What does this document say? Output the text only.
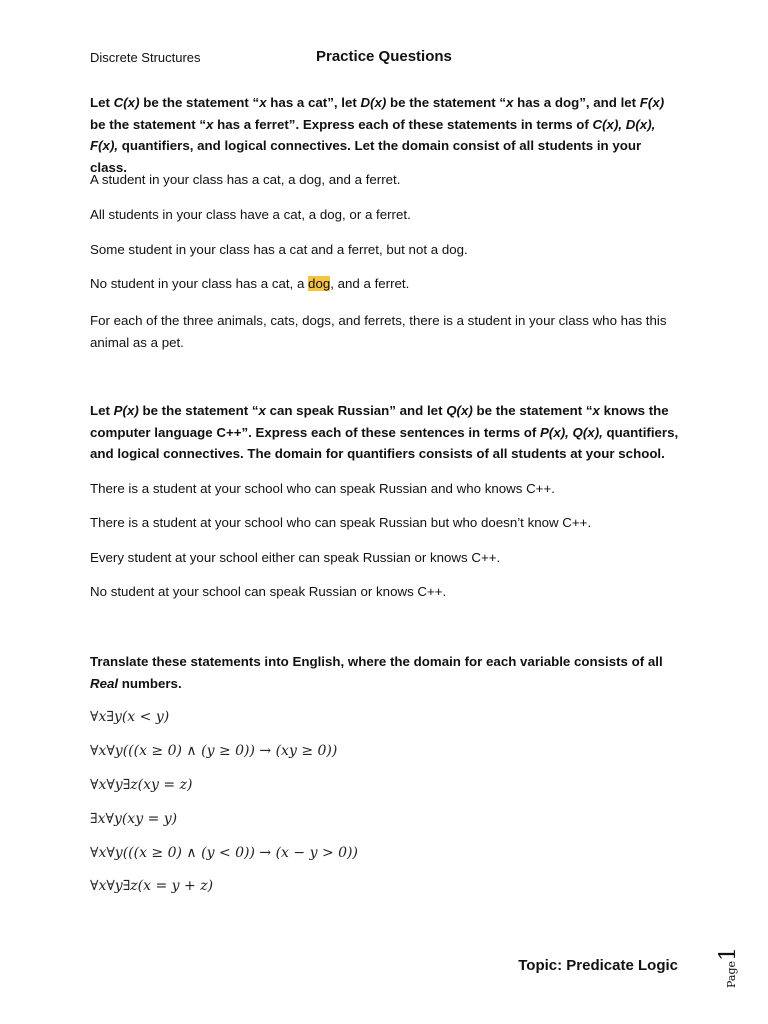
Discrete Structures	Practice Questions
Let C(x) be the statement “x has a cat”, let D(x) be the statement “x has a dog”, and let F(x) be the statement “x has a ferret”. Express each of these statements in terms of C(x), D(x), F(x), quantifiers, and logical connectives. Let the domain consist of all students in your class.
A student in your class has a cat, a dog, and a ferret.
All students in your class have a cat, a dog, or a ferret.
Some student in your class has a cat and a ferret, but not a dog.
No student in your class has a cat, a dog, and a ferret.
For each of the three animals, cats, dogs, and ferrets, there is a student in your class who has this animal as a pet.
Let P(x) be the statement “x can speak Russian” and let Q(x) be the statement “x knows the computer language C++”. Express each of these sentences in terms of P(x), Q(x), quantifiers, and logical connectives. The domain for quantifiers consists of all students at your school.
There is a student at your school who can speak Russian and who knows C++.
There is a student at your school who can speak Russian but who doesn’t know C++.
Every student at your school either can speak Russian or knows C++.
No student at your school can speak Russian or knows C++.
Translate these statements into English, where the domain for each variable consists of all Real numbers.
∀x∃y(x < y)
∀x∀y(((x ≥ 0) ∧ (y ≥ 0)) → (xy ≥ 0))
∀x∀y∃z(xy = z)
∃x∀y(xy = y)
∀x∀y(((x ≥ 0) ∧ (y < 0)) → (x − y > 0))
∀x∀y∃z(x = y + z)
Page1
Topic: Predicate Logic
